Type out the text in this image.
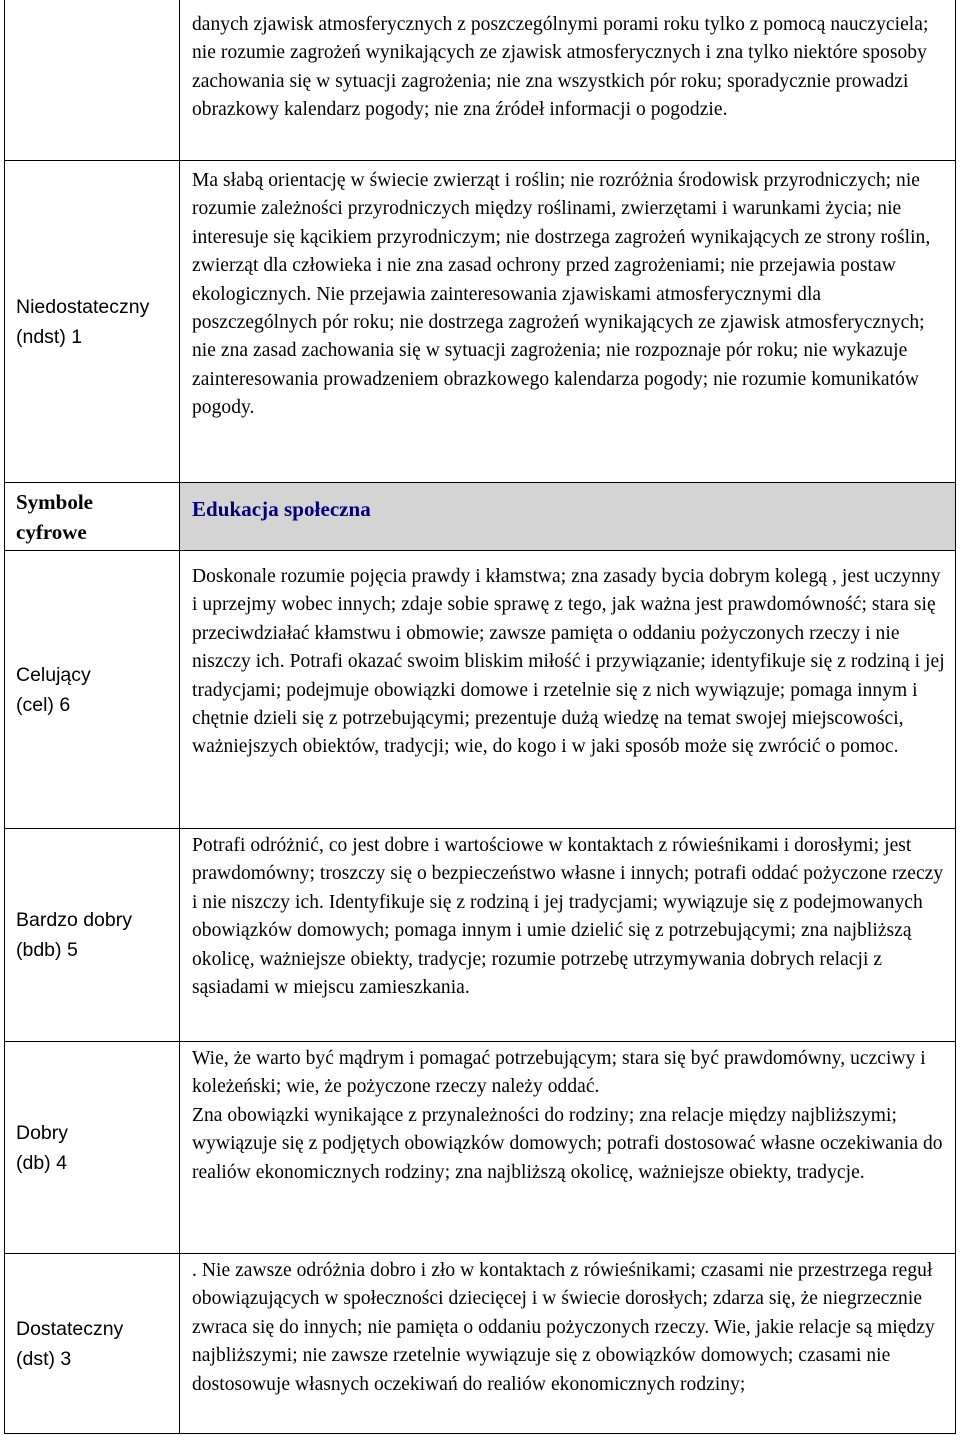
danych zjawisk atmosferycznych z poszczególnymi porami roku tylko z pomocą nauczyciela; nie rozumie zagrożeń wynikających ze zjawisk atmosferycznych i zna tylko niektóre sposoby zachowania się w sytuacji zagrożenia; nie zna wszystkich pór roku; sporadycznie prowadzi obrazkowy kalendarz pogody; nie zna źródeł informacji o pogodzie.

Niedostateczny
(ndst) 1

Ma słabą orientację w świecie zwierząt i roślin; nie rozróżnia środowisk przyrodniczych; nie rozumie zależności przyrodniczych między roślinami, zwierzętami i warunkami życia; nie interesuje się kącikiem przyrodniczym; nie dostrzega zagrożeń wynikających ze strony roślin, zwierząt dla człowieka i nie zna zasad ochrony przed zagrożeniami; nie przejawia postaw ekologicznych. Nie przejawia zainteresowania zjawiskami atmosferycznymi dla poszczególnych pór roku; nie dostrzega zagrożeń wynikających ze zjawisk atmosferycznych; nie zna zasad zachowania się w sytuacji zagrożenia; nie rozpoznaje pór roku; nie wykazuje zainteresowania prowadzeniem obrazkowego kalendarza pogody; nie rozumie komunikatów pogody.

Symbole
cyfrowe
Edukacja społeczna
Celujący
(cel) 6

Doskonale rozumie pojęcia prawdy i kłamstwa; zna zasady bycia dobrym kolegą , jest uczynny i uprzejmy wobec innych; zdaje sobie sprawę z tego, jak ważna jest prawdomówność; stara się przeciwdziałać kłamstwu i obmowie; zawsze pamięta o oddaniu pożyczonych rzeczy i nie niszczy ich. Potrafi okazać swoim bliskim miłość i przywiązanie; identyfikuje się z rodziną i jej tradycjami; podejmuje obowiązki domowe i rzetelnie się z nich wywiązuje; pomaga innym i chętnie dzieli się z potrzebującymi; prezentuje dużą wiedzę na temat swojej miejscowości, ważniejszych obiektów, tradycji; wie, do kogo i w jaki sposób może się zwrócić o pomoc.

Bardzo dobry
(bdb) 5

Potrafi odróżnić, co jest dobre i wartościowe w kontaktach z rówieśnikami i dorosłymi; jest prawdomówny; troszczy się o bezpieczeństwo własne i innych; potrafi oddać pożyczone rzeczy i nie niszczy ich. Identyfikuje się z rodziną i jej tradycjami; wywiązuje się z podejmowanych obowiązków domowych; pomaga innym i umie dzielić się z potrzebującymi; zna najbliższą okolicę, ważniejsze obiekty, tradycje; rozumie potrzebę utrzymywania dobrych relacji z sąsiadami w miejscu zamieszkania.

Dobry
(db) 4

Wie, że warto być mądrym i pomagać potrzebującym; stara się być prawdomówny, uczciwy i koleżeński; wie, że pożyczone rzeczy należy oddać.

Zna obowiązki wynikające z przynależności do rodziny; zna relacje między najbliższymi; wywiązuje się z podjętych obowiązków domowych; potrafi dostosować własne oczekiwania do realiów ekonomicznych rodziny; zna najbliższą okolicę, ważniejsze obiekty, tradycje.

Dostateczny
(dst) 3

. Nie zawsze odróżnia dobro i zło w kontaktach z rówieśnikami; czasami nie przestrzega reguł obowiązujących w społeczności dziecięcej i w świecie dorosłych; zdarza się, że niegrzecznie zwraca się do innych; nie pamięta o oddaniu pożyczonych rzeczy. Wie, jakie relacje są między najbliższymi; nie zawsze rzetelnie wywiązuje się z obowiązków domowych; czasami nie dostosowuje własnych oczekiwań do realiów ekonomicznych rodziny;
